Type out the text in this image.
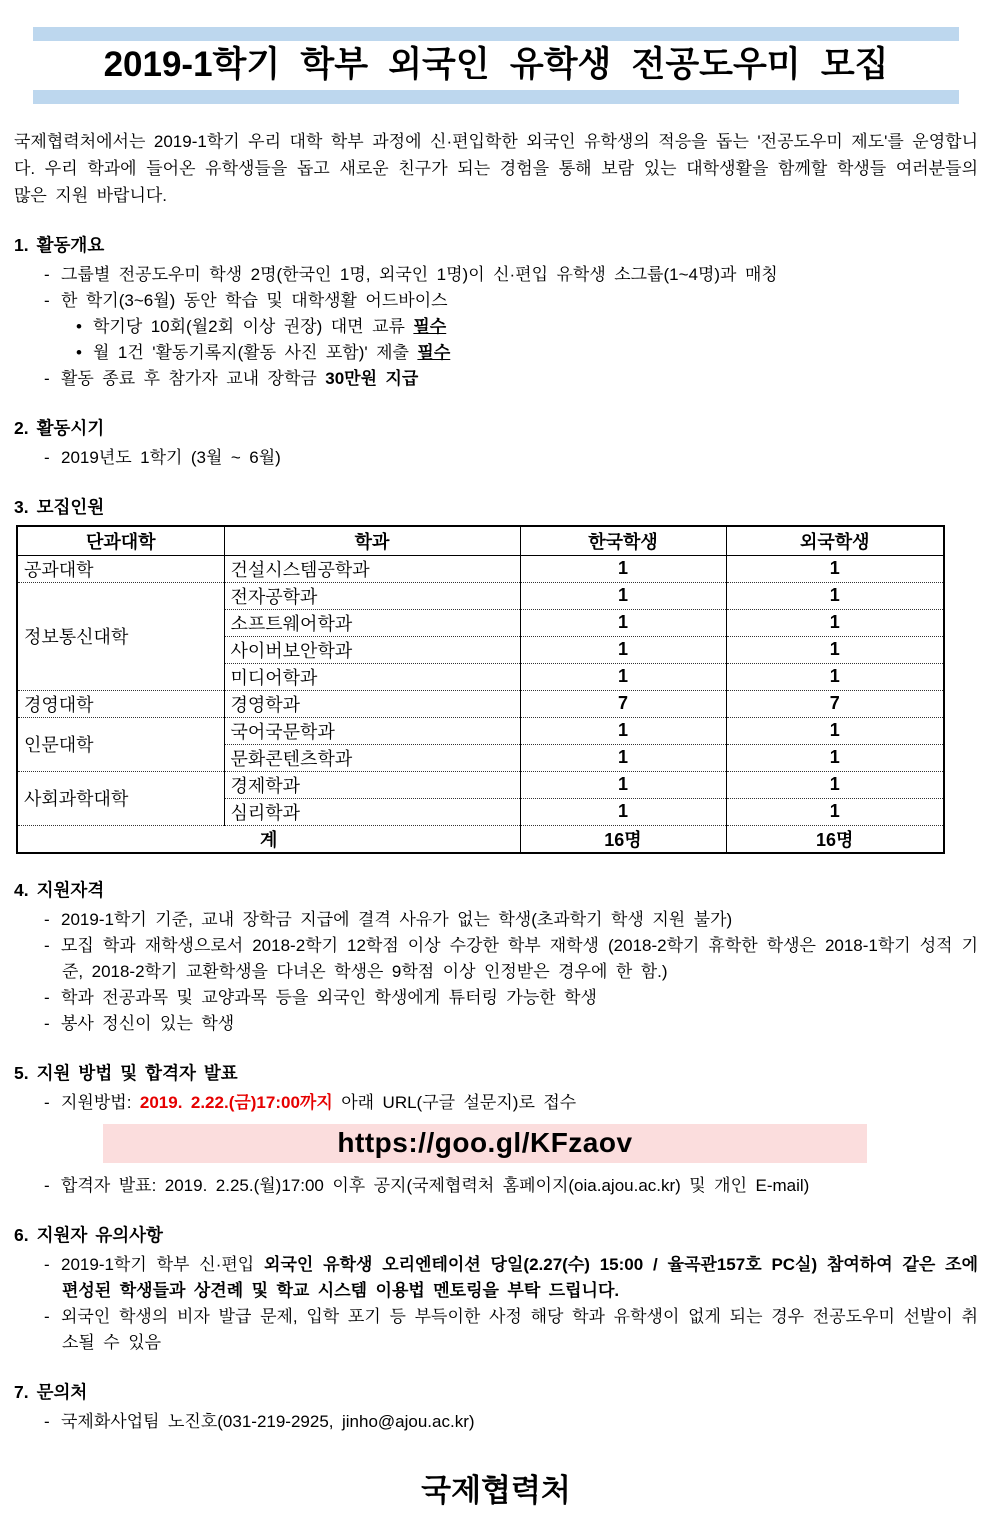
2019-1학기 학부 외국인 유학생 전공도우미 모집

국제협력처에서는 2019-1학기 우리 대학 학부 과정에 신·편입학한 외국인 유학생의 적응을 돕는 '전공도우미 제도'를 운영합니다. 우리 학과에 들어온 유학생들을 돕고 새로운 친구가 되는 경험을 통해 보람 있는 대학생활을 함께할 학생들 여러분들의 많은 지원 바랍니다.

1. 활동개요
- 그룹별 전공도우미 학생 2명(한국인 1명, 외국인 1명)이 신·편입 유학생 소그룹(1~4명)과 매칭
- 한 학기(3~6월) 동안 학습 및 대학생활 어드바이스
• 학기당 10회(월2회 이상 권장) 대면 교류 필수
• 월 1건 '활동기록지(활동 사진 포함)' 제출 필수
- 활동 종료 후 참가자 교내 장학금 30만원 지급
2. 활동시기
- 2019년도 1학기 (3월 ~ 6월)
3. 모집인원
단과대학	학과	한국학생	외국학생
공과대학	건설시스템공학과	1	1
정보통신대학	전자공학과	1	1
	소프트웨어학과	1	1
	사이버보안학과	1	1
	미디어학과	1	1
경영대학	경영학과	7	7
인문대학	국어국문학과	1	1
	문화콘텐츠학과	1	1
사회과학대학	경제학과	1	1
	심리학과	1	1
계		16명	16명
4. 지원자격
- 2019-1학기 기준, 교내 장학금 지급에 결격 사유가 없는 학생(초과학기 학생 지원 불가)
- 모집 학과 재학생으로서 2018-2학기 12학점 이상 수강한 학부 재학생 (2018-2학기 휴학한 학생은 2018-1학기 성적 기준, 2018-2학기 교환학생을 다녀온 학생은 9학점 이상 인정받은 경우에 한 함.)
- 학과 전공과목 및 교양과목 등을 외국인 학생에게 튜터링 가능한 학생
- 봉사 정신이 있는 학생
5. 지원 방법 및 합격자 발표
- 지원방법: 2019. 2.22.(금)17:00까지 아래 URL(구글 설문지)로 접수
https://goo.gl/KFzaov
- 합격자 발표: 2019. 2.25.(월)17:00 이후 공지(국제협력처 홈페이지(oia.ajou.ac.kr) 및 개인 E-mail)
6. 지원자 유의사항
- 2019-1학기 학부 신·편입 외국인 유학생 오리엔테이션 당일(2.27(수) 15:00 / 율곡관157호 PC실) 참여하여 같은 조에 편성된 학생들과 상견례 및 학교 시스템 이용법 멘토링을 부탁 드립니다.
- 외국인 학생의 비자 발급 문제, 입학 포기 등 부득이한 사정 해당 학과 유학생이 없게 되는 경우 전공도우미 선발이 취소될 수 있음
7. 문의처
- 국제화사업팀 노진호(031-219-2925, jinho@ajou.ac.kr)
국제협력처
